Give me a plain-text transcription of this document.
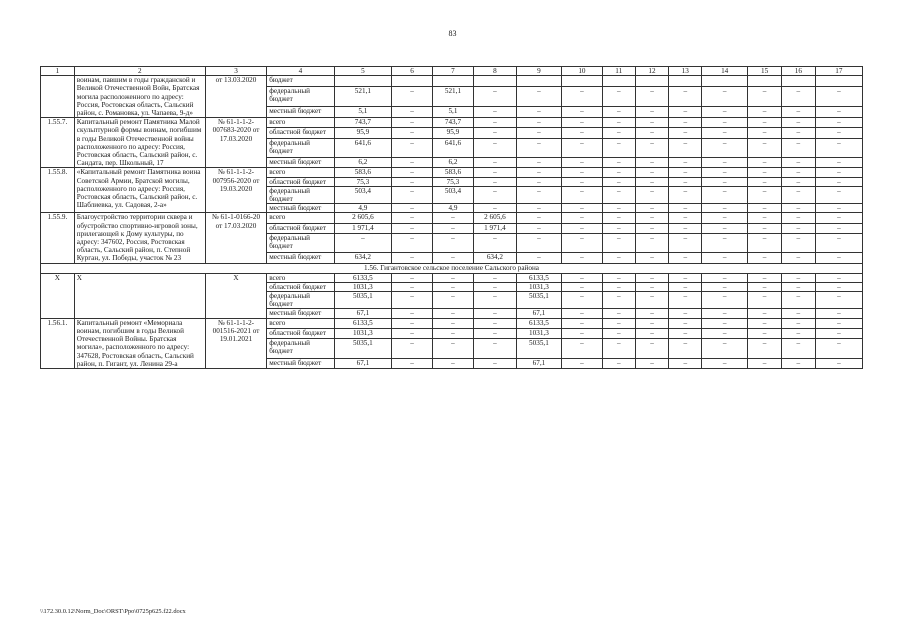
83
1	2	3	4	5	6	7	8	9	10	11	12	13	14	15	16	17
	воинам, павшим в годы гражданской и Великой Отечественной Войн, Братская могила расположенного по адресу: Россия, Ростовская область, Сальский район, с. Романовка, ул. Чапаева, 9-д»	от 13.03.2020	бюджет													
			федеральный бюджет	521,1	–	521,1	–	–	–	–	–	–	–	–	–	–
			местный бюджет	5,1	–	5,1	–	–	–	–	–	–	–	–	–	–
1.55.7.	Капитальный ремонт Памятника Малой скульптурной формы воинам, погибшим в годы Великой Отечественной войны расположенного по адресу: Россия, Ростовская область, Сальский район, с. Сандата, пер. Школьный, 17	№ 61-1-1-2-007683-2020 от 17.03.2020	всего	743,7	–	743,7	–	–	–	–	–	–	–	–	–	–
			областной бюджет	95,9	–	95,9	–	–	–	–	–	–	–	–	–	–
			федеральный бюджет	641,6	–	641,6	–	–	–	–	–	–	–	–	–	–
			местный бюджет	6,2	–	6,2	–	–	–	–	–	–	–	–	–	–
1.55.8.	«Капитальный ремонт Памятника воина Советской Армии, Братской могилы, расположенного по адресу: Россия, Ростовская область, Сальский район, с. Шаблиевка, ул. Садовая, 2-а»	№ 61-1-1-2-007956-2020 от 19.03.2020	всего	583,6	–	583,6	–	–	–	–	–	–	–	–	–	–
			областной бюджет	75,3	–	75,3	–	–	–	–	–	–	–	–	–	–
			федеральный бюджет	503,4	–	503,4	–	–	–	–	–	–	–	–	–	–
			местный бюджет	4,9	–	4,9	–	–	–	–	–	–	–	–	–	–
1.55.9.	Благоустройство территории сквера и обустройство спортивно-игровой зоны, прилегающей к Дому культуры, по адресу: 347602, Россия, Ростовская область, Сальский район, п. Степной Курган, ул. Победы, участок № 23	№ 61-1-0166-20 от 17.03.2020	всего	2 605,6	–	–	2 605,6	–	–	–	–	–	–	–	–	–
			областной бюджет	1 971,4	–	–	1 971,4	–	–	–	–	–	–	–	–	–
			федеральный бюджет	–	–	–	–	–	–	–	–	–	–	–	–	–
			местный бюджет	634,2	–	–	634,2	–	–	–	–	–	–	–	–	–
1.56. Гигантовское сельское поселение Сальского района																
Х	Х	Х	всего	6133,5	–	–	–	6133,5	–	–	–	–	–	–	–	–
			областной бюджет	1031,3	–	–	–	1031,3	–	–	–	–	–	–	–	–
			федеральный бюджет	5035,1	–	–	–	5035,1	–	–	–	–	–	–	–	–
			местный бюджет	67,1	–	–	–	67,1	–	–	–	–	–	–	–	–
1.56.1.	Капитальный ремонт «Мемориала воинам, погибшим в годы Великой Отечественной Войны. Братская могила», расположенного по адресу: 347628, Ростовская область, Сальский район, п. Гигант, ул. Ленина 29-а	№ 61-1-1-2-001516-2021 от 19.01.2021	всего	6133,5	–	–	–	6133,5	–	–	–	–	–	–	–	–
			областной бюджет	1031,3	–	–	–	1031,3	–	–	–	–	–	–	–	–
			федеральный бюджет	5035,1	–	–	–	5035,1	–	–	–	–	–	–	–	–
			местный бюджет	67,1	–	–	–	67,1	–	–	–	–	–	–	–	–
\\172.30.0.12\Norm_Doc\ORST\Ppo\0725p625.f22.docx
